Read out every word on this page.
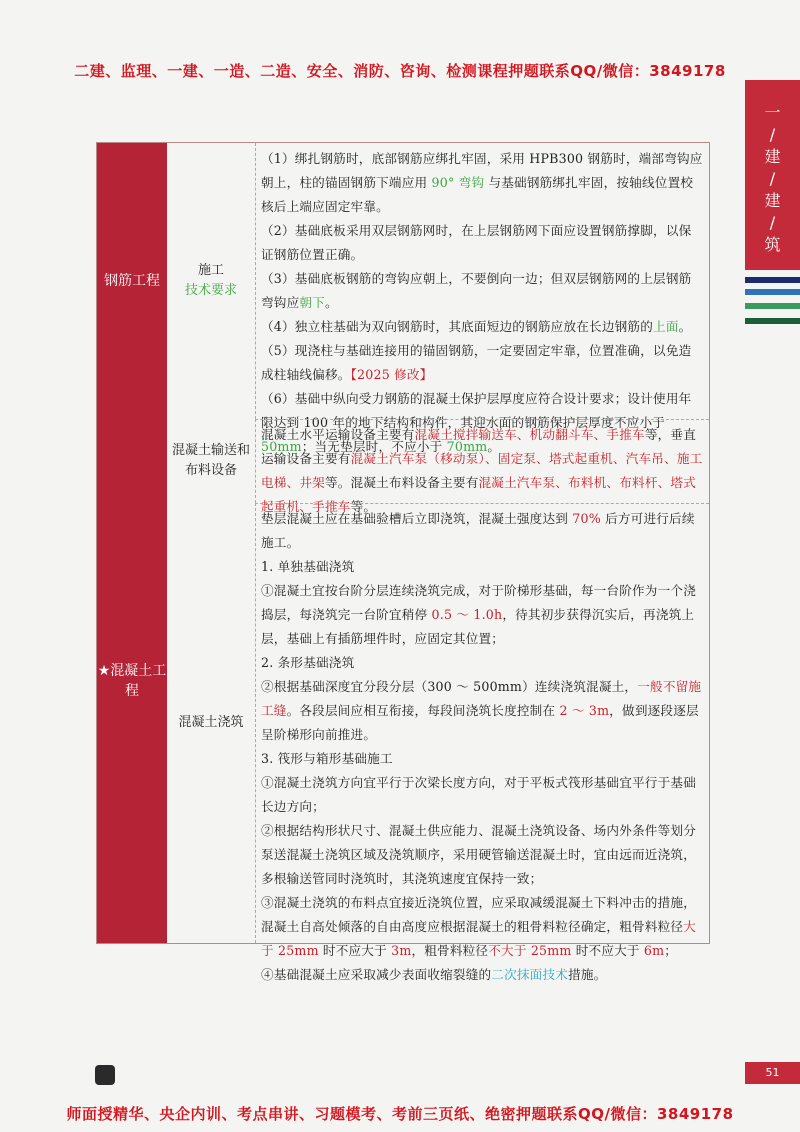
二建、监理、一建、一造、二造、安全、消防、咨询、检测课程押题联系QQ/微信：3849178
一
/
建
/
建
/
筑
钢筋工程
施工
技术要求

（1）绑扎钢筋时，底部钢筋应绑扎牢固，采用 HPB300 钢筋时，端部弯钩应朝上，柱的锚固钢筋下端应用 90° 弯钩 与基础钢筋绑扎牢固，按轴线位置校核后上端应固定牢靠。

（2）基础底板采用双层钢筋网时，在上层钢筋网下面应设置钢筋撑脚，以保证钢筋位置正确。

（3）基础底板钢筋的弯钩应朝上，不要倒向一边；但双层钢筋网的上层钢筋弯钩应朝下。

（4）独立柱基础为双向钢筋时，其底面短边的钢筋应放在长边钢筋的上面。

（5）现浇柱与基础连接用的锚固钢筋，一定要固定牢靠，位置准确，以免造成柱轴线偏移。【2025 修改】

（6）基础中纵向受力钢筋的混凝土保护层厚度应符合设计要求；设计使用年限达到 100 年的地下结构和构件，其迎水面的钢筋保护层厚度不应小于 50mm；当无垫层时，不应小于 70mm。

★混凝土工程
混凝土输送和布料设备

混凝土水平运输设备主要有混凝土搅拌输送车、机动翻斗车、手推车等，垂直运输设备主要有混凝土汽车泵（移动泵）、固定泵、塔式起重机、汽车吊、施工电梯、井架等。混凝土布料设备主要有混凝土汽车泵、布料机、布料杆、塔式起重机、手推车等。

混凝土浇筑

垫层混凝土应在基础验槽后立即浇筑，混凝土强度达到 70% 后方可进行后续施工。

1. 单独基础浇筑

①混凝土宜按台阶分层连续浇筑完成，对于阶梯形基础，每一台阶作为一个浇捣层，每浇筑完一台阶宜稍停 0.5 ～ 1.0h，待其初步获得沉实后，再浇筑上层，基础上有插筋埋件时，应固定其位置；

2. 条形基础浇筑

②根据基础深度宜分段分层（300 ～ 500mm）连续浇筑混凝土，一般不留施工缝。各段层间应相互衔接，每段间浇筑长度控制在 2 ～ 3m，做到逐段逐层呈阶梯形向前推进。

3. 筏形与箱形基础施工

①混凝土浇筑方向宜平行于次梁长度方向，对于平板式筏形基础宜平行于基础长边方向；

②根据结构形状尺寸、混凝土供应能力、混凝土浇筑设备、场内外条件等划分泵送混凝土浇筑区域及浇筑顺序，采用硬管输送混凝土时，宜由远而近浇筑，多根输送管同时浇筑时，其浇筑速度宜保持一致；

③混凝土浇筑的布料点宜接近浇筑位置，应采取减缓混凝土下料冲击的措施，混凝土自高处倾落的自由高度应根据混凝土的粗骨料粒径确定，粗骨料粒径大于 25mm 时不应大于 3m，粗骨料粒径不大于 25mm 时不应大于 6m；

④基础混凝土应采取减少表面收缩裂缝的二次抹面技术措施。

51
师面授精华、央企内训、考点串讲、习题模考、考前三页纸、绝密押题联系QQ/微信：3849178
